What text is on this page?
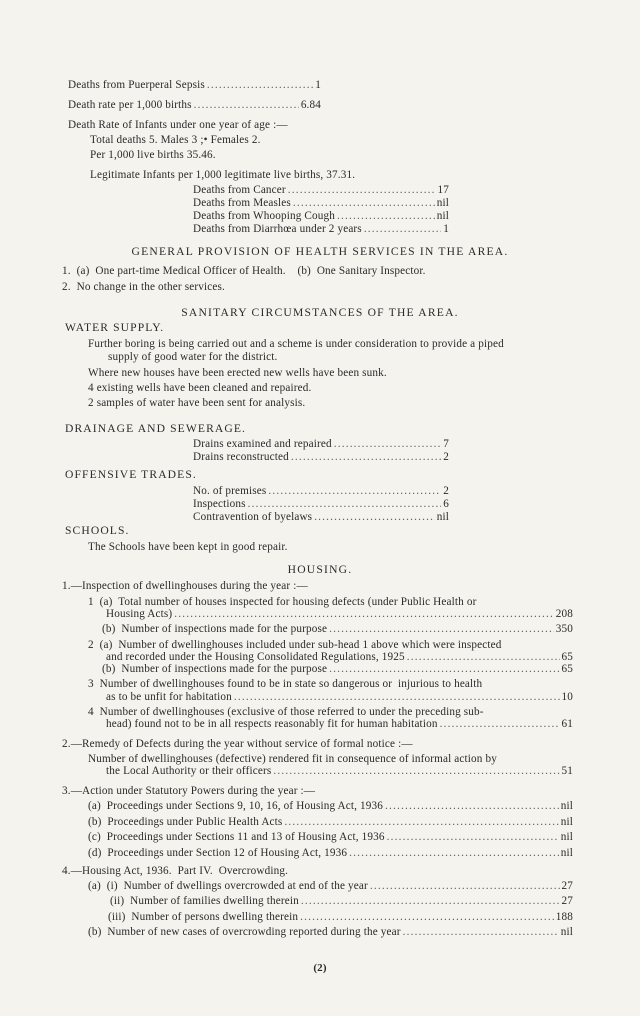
Deaths from Puerperal Sepsis .....	1
Death rate per 1,000 births .....	6.84
Death Rate of Infants under one year of age :—
Total deaths 5. Males 3 ;• Females 2.
Per 1,000 live births 35.46.
Legitimate Infants per 1,000 legitimate live births, 37.31.
Deaths from Cancer .....	17
Deaths from Measles .....	nil
Deaths from Whooping Cough .....	nil
Deaths from Diarrhœa under 2 years .....	1
GENERAL PROVISION OF HEALTH SERVICES IN THE AREA.
1.  (a)  One part-time Medical Officer of Health.    (b)  One Sanitary Inspector.
2.  No change in the other services.
SANITARY CIRCUMSTANCES OF THE AREA.
WATER SUPPLY.
Further boring is being carried out and a scheme is under consideration to provide a piped
supply of good water for the district.
Where new houses have been erected new wells have been sunk.
4 existing wells have been cleaned and repaired.
2 samples of water have been sent for analysis.
DRAINAGE AND SEWERAGE.
Drains examined and repaired .....	7
Drains reconstructed .....	2
OFFENSIVE TRADES.
No. of premises .....	2
Inspections .....	6
Contravention of byelaws .....	nil
SCHOOLS.
The Schools have been kept in good repair.
HOUSING.
1.—Inspection of dwellinghouses during the year :—
1  (a)  Total number of houses inspected for housing defects (under Public Health or
Housing Acts) .....	208
(b)  Number of inspections made for the purpose .....	350
2  (a)  Number of dwellinghouses included under sub-head 1 above which were inspected
and recorded under the Housing Consolidated Regulations, 1925 .....	65
(b)  Number of inspections made for the purpose .....	65
3  Number of dwellinghouses found to be in state so dangerous or  injurious to health
as to be unfit for habitation .....	10
4  Number of dwellinghouses (exclusive of those referred to under the preceding sub-
head) found not to be in all respects reasonably fit for human habitation .....	61
2.—Remedy of Defects during the year without service of formal notice :—
Number of dwellinghouses (defective) rendered fit in consequence of informal action by
the Local Authority or their officers .....	51
3.—Action under Statutory Powers during the year :—
(a)  Proceedings under Sections 9, 10, 16, of Housing Act, 1936 .....	nil
(b)  Proceedings under Public Health Acts .....	nil
(c)  Proceedings under Sections 11 and 13 of Housing Act, 1936 .....	nil
(d)  Proceedings under Section 12 of Housing Act, 1936 .....	nil
4.—Housing Act, 1936.  Part IV.  Overcrowding.
(a)  (i)  Number of dwellings overcrowded at end of the year .....	27
(ii)  Number of families dwelling therein .....	27
(iii)  Number of persons dwelling therein .....	188
(b)  Number of new cases of overcrowding reported during the year .....	nil
(2)
